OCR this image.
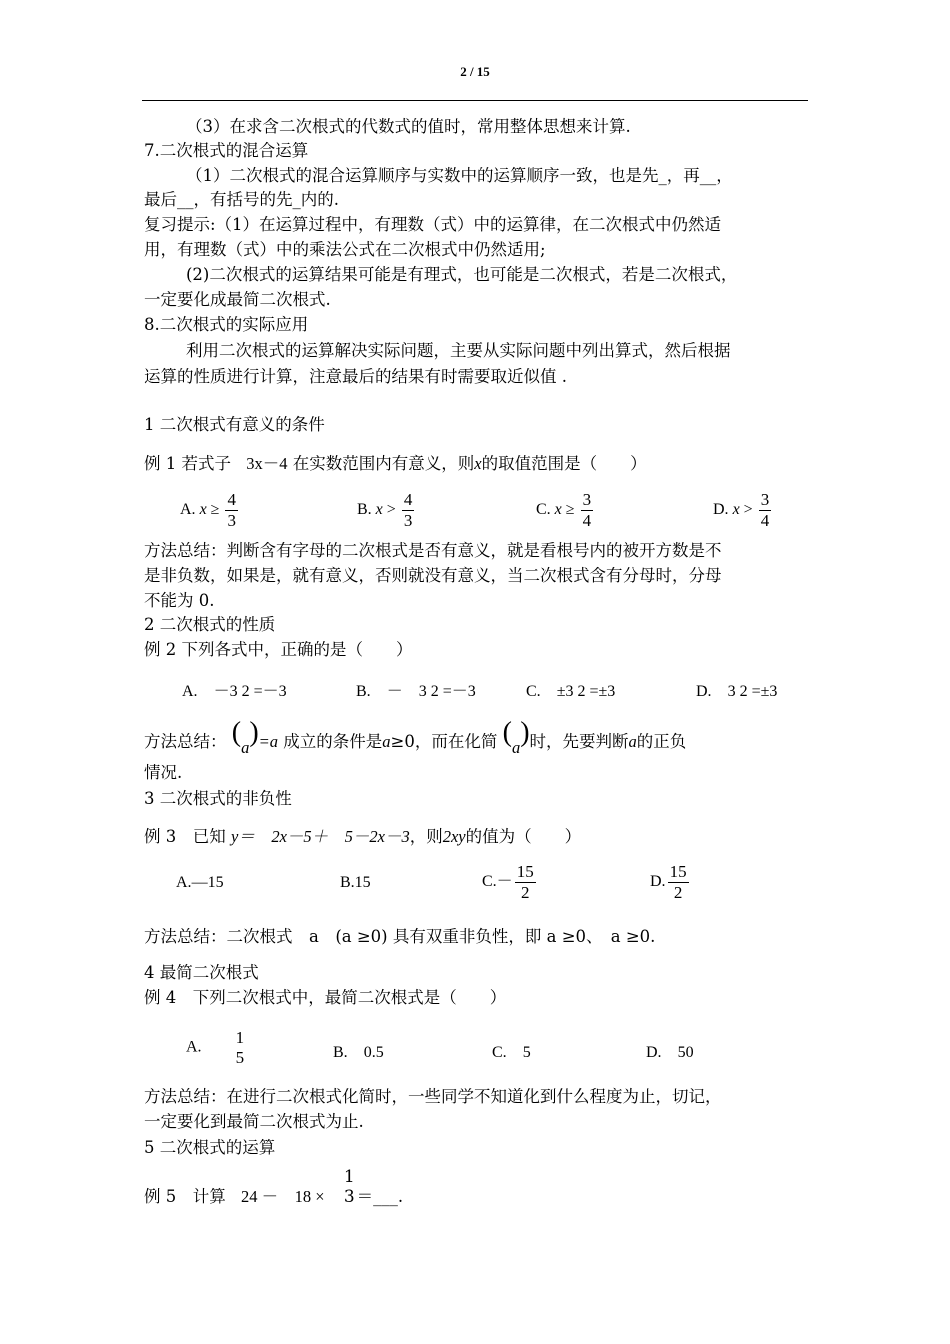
2 / 15
（3）在求含二次根式的代数式的值时，常用整体思想来计算.
7.二次根式的混合运算
（1）二次根式的混合运算顺序与实数中的运算顺序一致，也是先_，再__，
最后__，有括号的先_内的.
复习提示:（1）在运算过程中，有理数（式）中的运算律，在二次根式中仍然适
用，有理数（式）中的乘法公式在二次根式中仍然适用;
(2)二次根式的运算结果可能是有理式，也可能是二次根式，若是二次根式，
一定要化成最简二次根式.
8.二次根式的实际应用
利用二次根式的运算解决实际问题，主要从实际问题中列出算式，然后根据
运算的性质进行计算，注意最后的结果有时需要取近似值 .
1 二次根式有意义的条件
例 1 若式子 3x－4 在实数范围内有意义，则x的取值范围是（　　）
A. $x \ge \frac{4}{3}$	B. $x > \frac{4}{3}$	C. $x \ge \frac{3}{4}$	D. $x > \frac{3}{4}$
方法总结：判断含有字母的二次根式是否有意义，就是看根号内的被开方数是不
是非负数，如果是，就有意义，否则就没有意义，当二次根式含有分母时，分母
不能为 0.
2 二次根式的性质
例 2 下列各式中，正确的是（　　）
A.　－3 2 =－3	B.　－　3 2 =－3	C.　±3 2 =±3	D.　3 2 =±3
方法总结： (a)=a 成立的条件是a≥0，而在化简 (a)时，先要判断a的正负
情况.
3 二次根式的非负性
例 3　已知 y＝　2x－5＋　5－2x－3，则2xy的值为（　　）
A.—15	B.15	$C.- \frac{15}{2}$	D. $\frac{15}{2}$
方法总结：二次根式　a　(a ≥0) 具有双重非负性，即 a ≥0、　a ≥0.
4 最简二次根式
例 4　下列二次根式中，最简二次根式是（　　）
A.　
1
5	B.　0.5	C.　5	D.　50
方法总结：在进行二次根式化简时，一些同学不知道化到什么程度为止，切记，
一定要化到最简二次根式为止.
5 二次根式的运算
例 5　计算 24 －　18 ×
1
3 ＝___.
